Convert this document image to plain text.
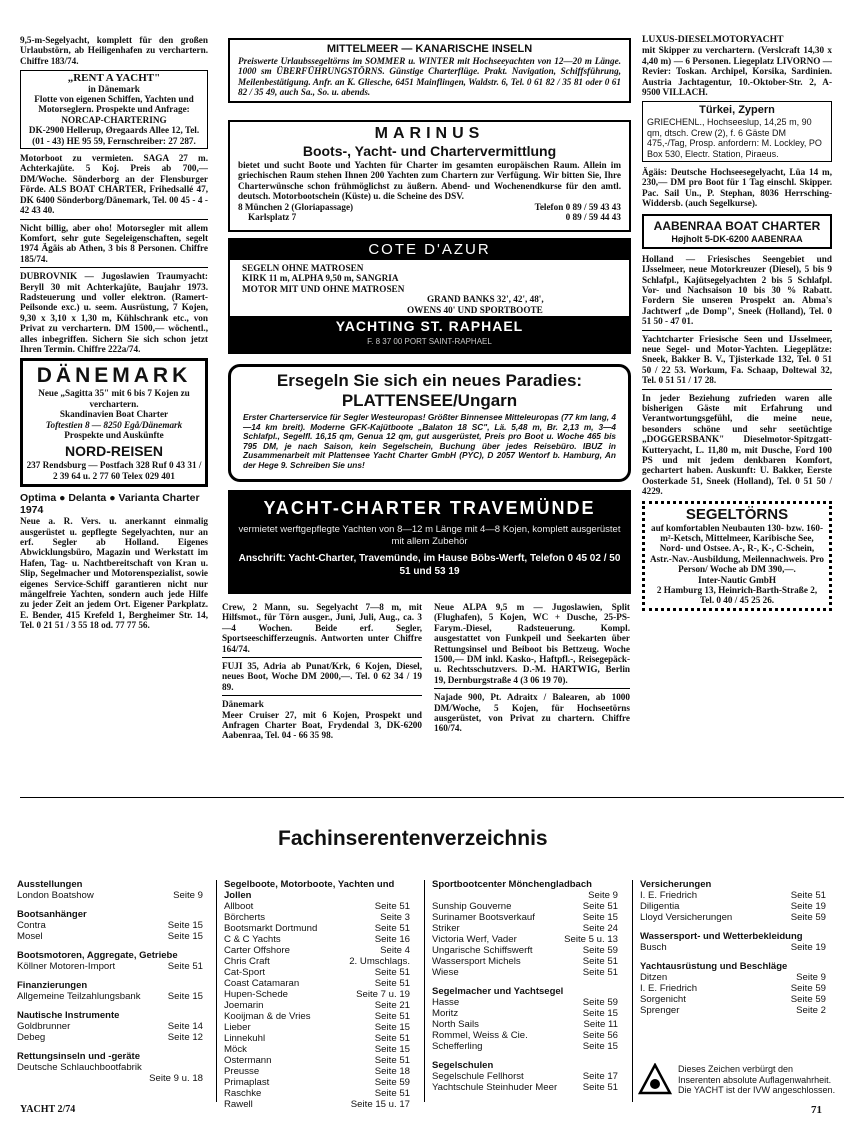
9,5-m-Segelyacht, komplett für den großen Urlaubstörn, ab Heiligenhafen zu verchartern. Chiffre 183/74.
„RENT A YACHT"
in Dänemark
Flotte von eigenen Schiffen, Yachten und Motorseglern. Prospekte und Anfrage:
NORCAP-CHARTERING
DK-2900 Hellerup, Øregaards Allee 12, Tel. (01 - 43) HE 95 59, Fernschreiber: 27 287.
Motorboot zu vermieten. SAGA 27 m. Achterkajüte. 5 Koj. Preis ab 700,— DM/Woche. Sönderborg an der Flensburger Förde. ALS BOAT CHARTER, Frihedsallé 47, DK 6400 Sönderborg/Dänemark, Tel. 00 45 - 4 - 42 43 40.
Nicht billig, aber oho! Motorsegler mit allem Komfort, sehr gute Segeleigenschaften, segelt 1974 Ägäis ab Athen, 3 bis 8 Personen. Chiffre 185/74.
DUBROVNIK — Jugoslawien Traumyacht: Beryll 30 mit Achterkajüte, Baujahr 1973. Radsteuerung und voller elektron. (Ramert-Peilsonde exc.) u. seem. Ausrüstung, 7 Kojen, 9,30 x 3,10 x 1,30 m, Kühlschrank etc., von Privat zu verchartern. DM 1500,— wöchentl., alles inbegriffen. Sichern Sie sich schon jetzt Ihren Termin. Chiffre 222a/74.
DÄNEMARK
Neue „Sagitta 35" mit 6 bis 7 Kojen zu verchartern.
Skandinavien Boat Charter
Toftestien 8 — 8250 Egå/Dänemark
Prospekte und Auskünfte
NORD-REISEN
237 Rendsburg — Postfach 328 Ruf 0 43 31 / 2 39 64 u. 2 77 60 Telex 029 401
Optima ● Delanta ● Varianta Charter 1974
Neue a. R. Vers. u. anerkannt einmalig ausgerüstet u. gepflegte Segelyachten, nur an erf. Segler ab Holland. Eigenes Abwicklungsbüro, Magazin und Werkstatt im Hafen, Tag- u. Nachtbereitschaft von Kran u. Slip, Segelmacher und Motorenspezialist, sowie eigenes Service-Schiff garantieren nicht nur mängelfreie Yachten, sondern auch jede Hilfe zu jeder Zeit an jedem Ort. Eigener Parkplatz. E. Bender, 415 Krefeld 1, Bergheimer Str. 14, Tel. 0 21 51 / 3 55 18 od. 77 77 56.
MITTELMEER — KANARISCHE INSELN
Preiswerte Urlaubssegeltörns im SOMMER u. WINTER mit Hochseeyachten von 12—20 m Länge. 1000 sm ÜBERFÜHRUNGSTÖRNS. Günstige Charterflüge. Prakt. Navigation, Schiffsführung, Meilenbestätigung. Anfr. an K. Gliesche, 6451 Mainflingen, Waldstr. 6, Tel. 0 61 82 / 35 81 oder 0 61 82 / 35 49, auch Sa., So. u. abends.
MARINUS
Boots-, Yacht- und Chartervermittlung
bietet und sucht Boote und Yachten für Charter im gesamten europäischen Raum. Allein im griechischen Raum stehen Ihnen 200 Yachten zum Chartern zur Verfügung. Wir bitten Sie, Ihre Charterwünsche schon frühmöglichst zu äußern. Abend- und Wochenendkurse für den amtl. deutsch. Motorbootschein (Küste) u. die Scheine des DSV.
8 München 2 (Gloriapassage)
Karlsplatz 7
Telefon 0 89 / 59 43 43
0 89 / 59 44 43
COTE D'AZUR
SEGELN OHNE MATROSEN
KIRK 11 m, ALPHA 9,50 m, SANGRIA
MOTOR MIT UND OHNE MATROSEN
GRAND BANKS 32', 42', 48',
OWENS 40' UND SPORTBOOTE
YACHTING ST. RAPHAEL
F. 8 37 00 PORT SAINT-RAPHAEL
Ersegeln Sie sich ein neues Paradies: PLATTENSEE/Ungarn
Erster Charterservice für Segler Westeuropas! Größter Binnensee Mitteleuropas (77 km lang, 4—14 km breit). Moderne GFK-Kajütboote „Balaton 18 SC", Lä. 5,48 m, Br. 2,13 m, 3—4 Schlafpl., Segelfl. 16,15 qm, Genua 12 qm, gut ausgerüstet, Preis pro Boot u. Woche 465 bis 795 DM, je nach Saison, kein Segelschein, Buchung über jedes Reisebüro. IBUZ in Zusammenarbeit mit Plattensee Yacht Charter GmbH (PYC), D 2057 Wentorf b. Hamburg, An der Hege 9. Schreiben Sie uns!
YACHT-CHARTER TRAVEMÜNDE
vermietet werftgepflegte Yachten von 8—12 m Länge mit 4—8 Kojen, komplett ausgerüstet mit allem Zubehör
Anschrift: Yacht-Charter, Travemünde, im Hause Böbs-Werft, Telefon 0 45 02 / 50 51 und 53 19
Crew, 2 Mann, su. Segelyacht 7—8 m, mit Hilfsmot., für Törn ausger., Juni, Juli, Aug., ca. 3—4 Wochen. Beide erf. Segler, Sportseeschifferzeugnis. Antworten unter Chiffre 164/74.
FUJI 35, Adria ab Punat/Krk, 6 Kojen, Diesel, neues Boot, Woche DM 2000,—. Tel. 0 62 34 / 19 89.
Dänemark
Meer Cruiser 27, mit 6 Kojen, Prospekt und Anfragen Charter Boat, Frydendal 3, DK-6200 Aabenraa, Tel. 04 - 66 35 98.
Neue ALPA 9,5 m — Jugoslawien, Split (Flughafen), 5 Kojen, WC + Dusche, 25-PS-Farym.-Diesel, Radsteuerung. Kompl. ausgestattet von Funkpeil und Seekarten über Rettungsinsel und Beiboot bis Bettzeug. Woche 1500,— DM inkl. Kasko-, Haftpfl.-, Reisegepäck- u. Rechtsschutzvers. D.-M. HARTWIG, Berlin 19, Dernburgstraße 4 (3 06 19 70).
Najade 900, Pt. Adraitx / Balearen, ab 1000 DM/Woche, 5 Kojen, für Hochseetörns ausgerüstet, von Privat zu chartern. Chiffre 160/74.
LUXUS-DIESELMOTORYACHT
mit Skipper zu verchartern. (Verslcraft 14,30 x 4,40 m) — 6 Personen. Liegeplatz LIVORNO — Revier: Toskan. Archipel, Korsika, Sardinien. Austria Jachtagentur, 10.-Oktober-Str. 2, A-9500 VILLACH.
Türkei, Zypern
GRIECHENL., Hochseeslup, 14,25 m, 90 qm, dtsch. Crew (2), f. 6 Gäste DM 475,-/Tag, Prosp. anfordern: M. Lockley, PO Box 530, Electr. Station, Piraeus.
Ägäis: Deutsche Hochseesegelyacht, Lüa 14 m, 230,— DM pro Boot für 1 Tag einschl. Skipper. Pac. Sail Un., P. Stephan, 8036 Herrsching-Widdersb. (auch Segelkurse).
AABENRAA BOAT CHARTER
Højholt 5-DK-6200 AABENRAA
Holland — Friesisches Seengebiet und IJsselmeer, neue Motorkreuzer (Diesel), 5 bis 9 Schlafpl., Kajütsegelyachten 2 bis 5 Schlafpl. Vor- und Nachsaison 10 bis 30 % Rabatt. Fordern Sie unseren Prospekt an. Abma's Jachtwerf „de Domp", Sneek (Holland), Tel. 0 51 50 - 47 01.
Yachtcharter Friesische Seen und IJsselmeer, neue Segel- und Motor-Yachten. Liegeplätze: Sneek, Bakker B. V., Tjisterkade 132, Tel. 0 51 50 / 22 53. Workum, Fa. Schaap, Doltewal 32, Tel. 0 51 51 / 17 28.
In jeder Beziehung zufrieden waren alle bisherigen Gäste mit Erfahrung und Verantwortungsgefühl, die meine neue, besonders schöne und sehr seetüchtige „DOGGERSBANK" Dieselmotor-Spitzgatt-Kutteryacht, L. 11,80 m, mit Dusche, Ford 100 PS und mit jedem denkbaren Komfort, gechartert haben. Auskunft: U. Bakker, Eerste Oosterkade 51, Sneek (Holland), Tel. 0 51 50 / 4229.
SEGELTÖRNS
auf komfortablen Neubauten 130- bzw. 160-m²-Ketsch, Mittelmeer, Karibische See, Nord- und Ostsee. A-, R-, K-, C-Schein, Astr.-Nav.-Ausbildung, Meilennachweis. Pro Person/ Woche ab DM 390,—.
Inter-Nautic GmbH
2 Hamburg 13, Heinrich-Barth-Straße 2, Tel. 0 40 / 45 25 26.
Fachinserentenverzeichnis
Ausstellungen
London Boatshow	Seite 9
Bootsanhänger
Contra	Seite 15
Mosel	Seite 15
Bootsmotoren, Aggregate, Getriebe
Köllner Motoren-Import	Seite 51
Finanzierungen
Allgemeine Teilzahlungsbank	Seite 15
Nautische Instrumente
Goldbrunner	Seite 14
Debeg	Seite 12
Rettungsinseln und -geräte
Deutsche Schlauchbootfabrik
Seite 9 u. 18
Segelboote, Motorboote, Yachten und Jollen
Allboot	Seite 51
Börcherts	Seite 3
Bootsmarkt Dortmund	Seite 51
C & C Yachts	Seite 16
Carter Offshore	Seite 4
Chris Craft	2. Umschlags.
Cat-Sport	Seite 51
Coast Catamaran	Seite 51
Hupen-Schede	Seite 7 u. 19
Joemarin	Seite 21
Kooijman & de Vries	Seite 51
Lieber	Seite 15
Linnekuhl	Seite 51
Möck	Seite 15
Ostermann	Seite 51
Preusse	Seite 18
Primaplast	Seite 59
Raschke	Seite 51
Rawell	Seite 15 u. 17
Sportbootcenter Mönchengladbach
Seite 9
Sunship Gouverne	Seite 51
Surinamer Bootsverkauf	Seite 15
Striker	Seite 24
Victoria Werf, Vader	Seite 5 u. 13
Ungarische Schiffswerft	Seite 59
Wassersport Michels	Seite 51
Wiese	Seite 51
Segelmacher und Yachtsegel
Hasse	Seite 59
Moritz	Seite 15
North Sails	Seite 11
Rommel, Weiss & Cie.	Seite 56
Schefferling	Seite 15
Segelschulen
Segelschule Fellhorst	Seite 17
Yachtschule Steinhuder Meer	Seite 51
Versicherungen
I. E. Friedrich	Seite 51
Diligentia	Seite 19
Lloyd Versicherungen	Seite 59
Wassersport- und Wetterbekleidung
Busch	Seite 19
Yachtausrüstung und Beschläge
Ditzen	Seite 9
I. E. Friedrich	Seite 59
Sorgenicht	Seite 59
Sprenger	Seite 2
Dieses Zeichen verbürgt den Inserenten absolute Auflagenwahrheit. Die YACHT ist der IVW angeschlossen.
YACHT 2/74	71
